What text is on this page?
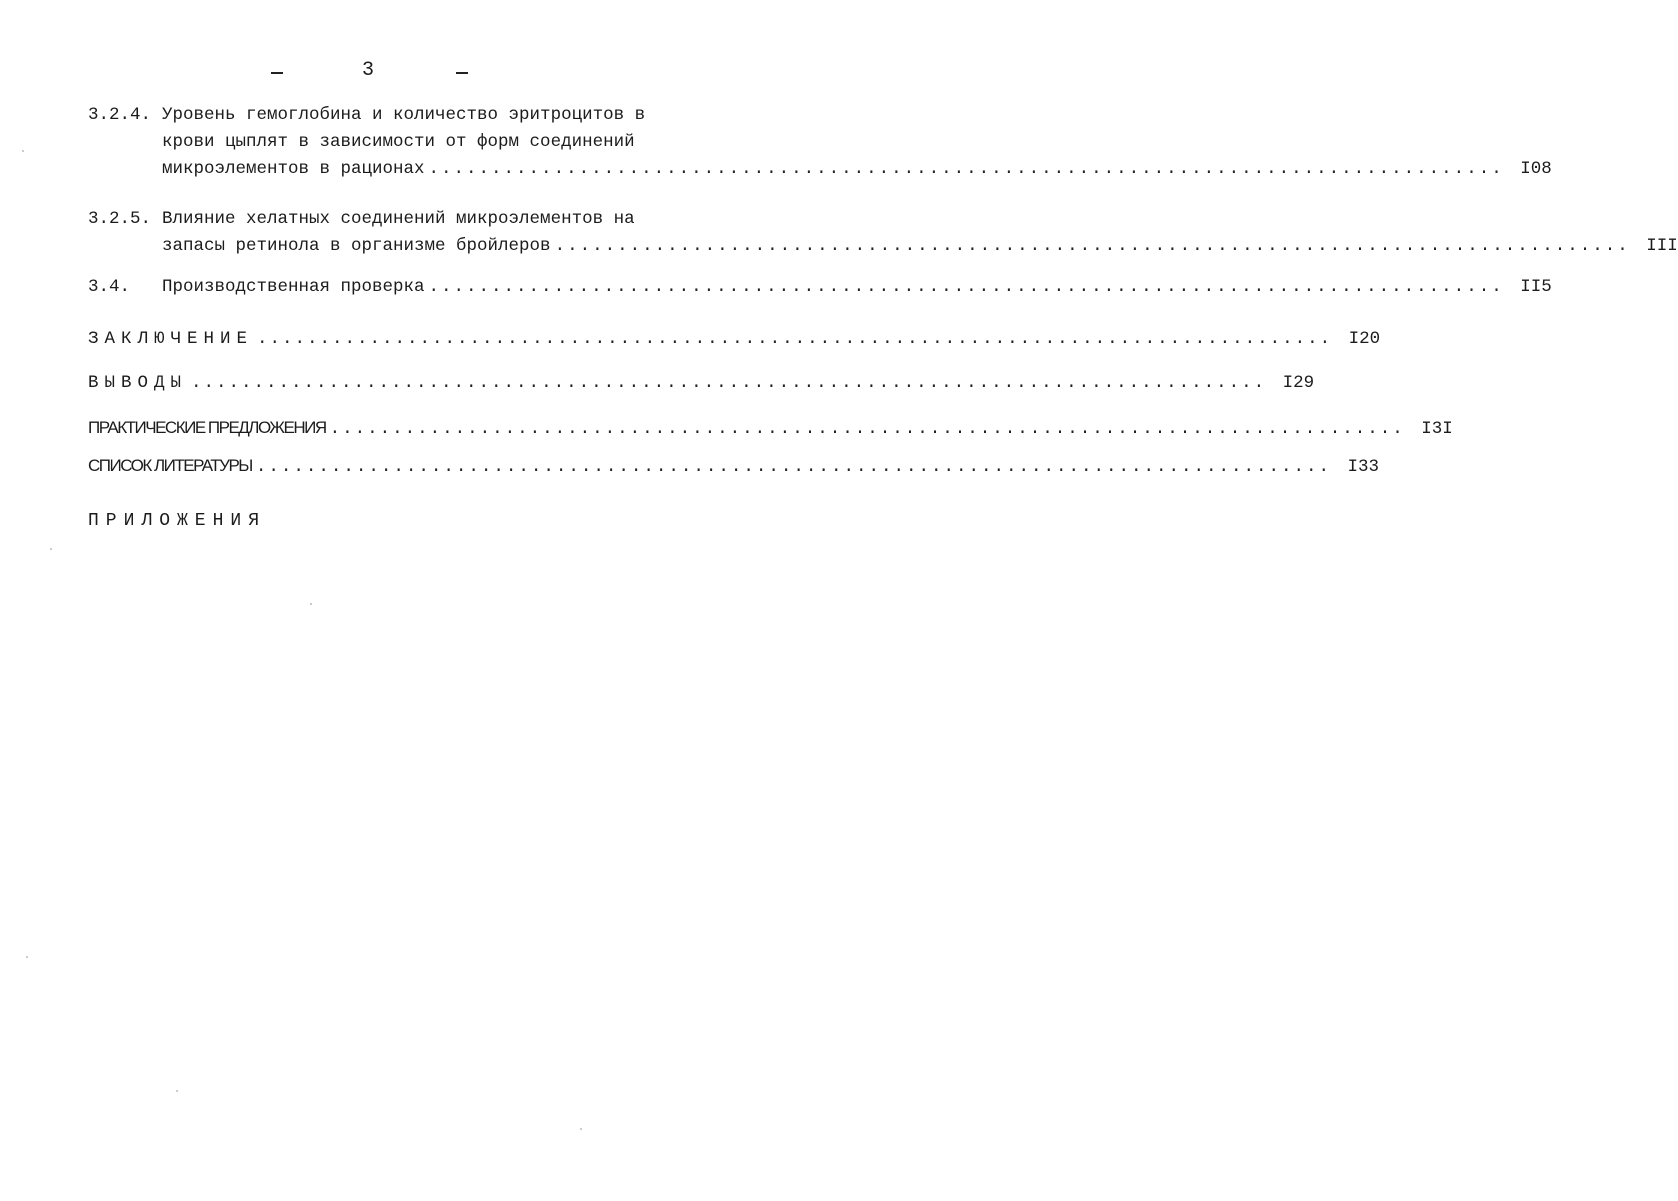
3
3.2.4. Уровень гемоглобина и количество эритроцитов в
крови цыплят в зависимости от форм соединений
микроэлементов в рационах ...................................................................................... I08
3.2.5. Влияние хелатных соединений микроэлементов на
запасы ретинола в организме бройлеров ...................................................................................... III
3.4. Производственная проверка ...................................................................................... II5
ЗАКЛЮЧЕНИЕ ...................................................................................... I20
ВЫВОДЫ ...................................................................................... I29
ПРАКТИЧЕСКИЕ ПРЕДЛОЖЕНИЯ ...................................................................................... I3I
СПИСОК ЛИТЕРАТУРЫ ...................................................................................... I33
ПРИЛОЖЕНИЯ
